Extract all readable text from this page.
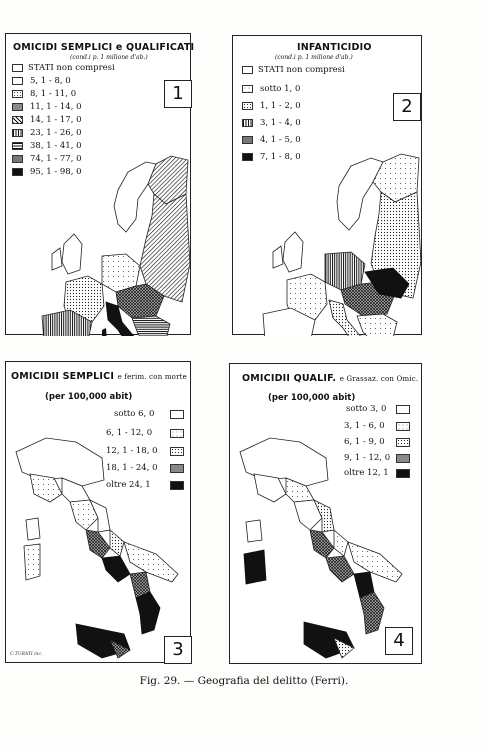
OMICIDI SEMPLICI e QUALIFICATI
(cond.i p. 1 milione d'ab.)
1
STATI non compresi
5, 1 - 8, 0
8, 1 - 11, 0
11, 1 - 14, 0
14, 1 - 17, 0
23, 1 - 26, 0
38, 1 - 41, 0
74, 1 - 77, 0
95, 1 - 98, 0
INFANTICIDIO
(cond.i p. 1 milione d'ab.)
2
STATI non compresi
sotto 1, 0
1, 1 - 2, 0
3, 1 - 4, 0
4, 1 - 5, 0
7, 1 - 8, 0
OMICIDII SEMPLICI e ferim. con morte
(per 100,000 abit)
3
C.TURATI inc.
sotto 6, 0
6, 1 - 12, 0
12, 1 - 18, 0
18, 1 - 24, 0
oltre 24, 1
OMICIDII QUALIF. e Grassaz. con Omic.
(per 100,000 abit)
4
sotto 3, 0
3, 1 - 6, 0
6, 1 - 9, 0
9, 1 - 12, 0
oltre 12, 1
Fig. 29. — Geografia del delitto (Ferri).
